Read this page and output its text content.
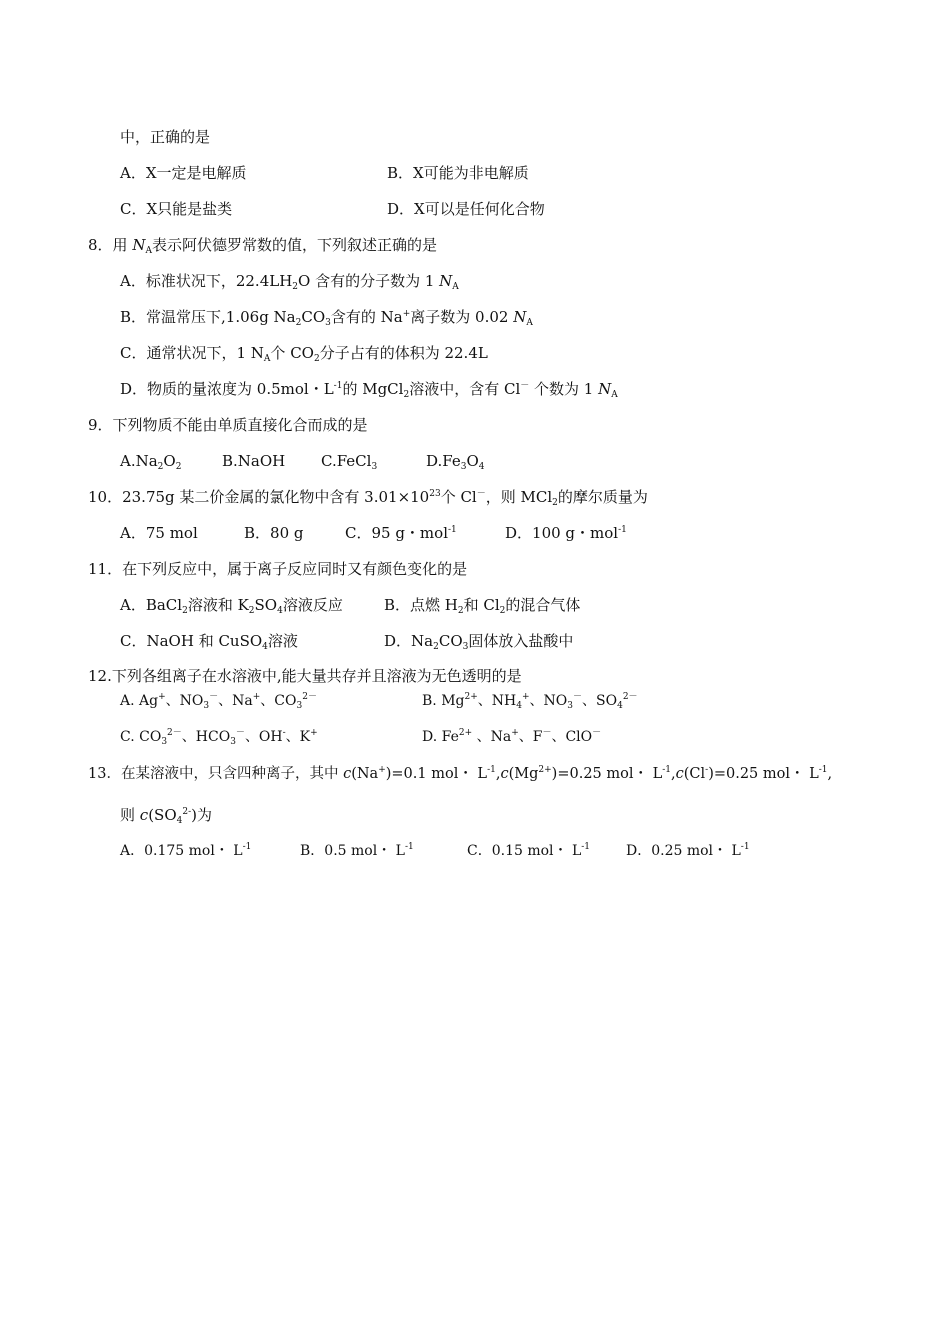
中，正确的是
A．X一定是电解质	B．X可能为非电解质
C．X只能是盐类	D．X可以是任何化合物
8．用 $N_A$表示阿伏德罗常数的值，下列叙述正确的是
A．标准状况下，$22.4LH_2O$ 含有的分子数为 1 $N_A$
B．常温常压下,1.06g $Na_2CO_3$含有的 Na+离子数为 0.02 $N_A$
C．通常状况下，1 $N_A$个 $CO_2$分子占有的体积为 22.4L
D．物质的量浓度为 0.5mol・$L^{-1}$的 MgCl$_2$溶液中，含有 Cl－ 个数为 1 $N_A$
9．下列物质不能由单质直接化合而成的是
$A.Na_2O_2$	B.NaOH C.FeCl$_3$	$D.Fe_3O_4$
10．23.75g 某二价金属的氯化物中含有 $3.01\times 10^{23}$个 Cl－，则 MCl$_2$的摩尔质量为
A．75 mol	B．80 g	C．95 g・mol$^{-1}$	D．100 g・mol$^{-1}$
11．在下列反应中，属于离子反应同时又有颜色变化的是
A．BaCl$_2$溶液和 $K_2SO_4$溶液反应	B．点燃 $H_2$和 $Cl_2$的混合气体
C．NaOH 和 CuSO$_4$溶液	D．$Na_2CO_3$固体放入盐酸中
12.下列各组离子在水溶液中,能大量共存并且溶液为无色透明的是
A. Ag+、$NO_3^-$、Na+、$CO_3^{2-}$	B. $Mg^{2+}$、$NH_4^+$、$NO_3^-$、$SO_4^{2-}$
C. $CO_3^{2-}$、$HCO_3^-$、OH-、K+	D. $Fe^{2+}$ 、Na+、F－、ClO－
13．在某溶液中，只含四种离子，其中 c(Na+)=0.1 mol・ $L^{-1},c(Mg^{2+})=0.25$ mol・ $L^{-1},c(Cl^-)=0.25$ mol・ $L^{-1}$,
则 $c(SO_4^{2-})$为
A．0.175 mol・ $L^{-1}$	B．0.5 mol・ $L^{-1}$	C．0.15 mol・ $L^{-1}$	D．0.25 mol・ $L^{-1}$
